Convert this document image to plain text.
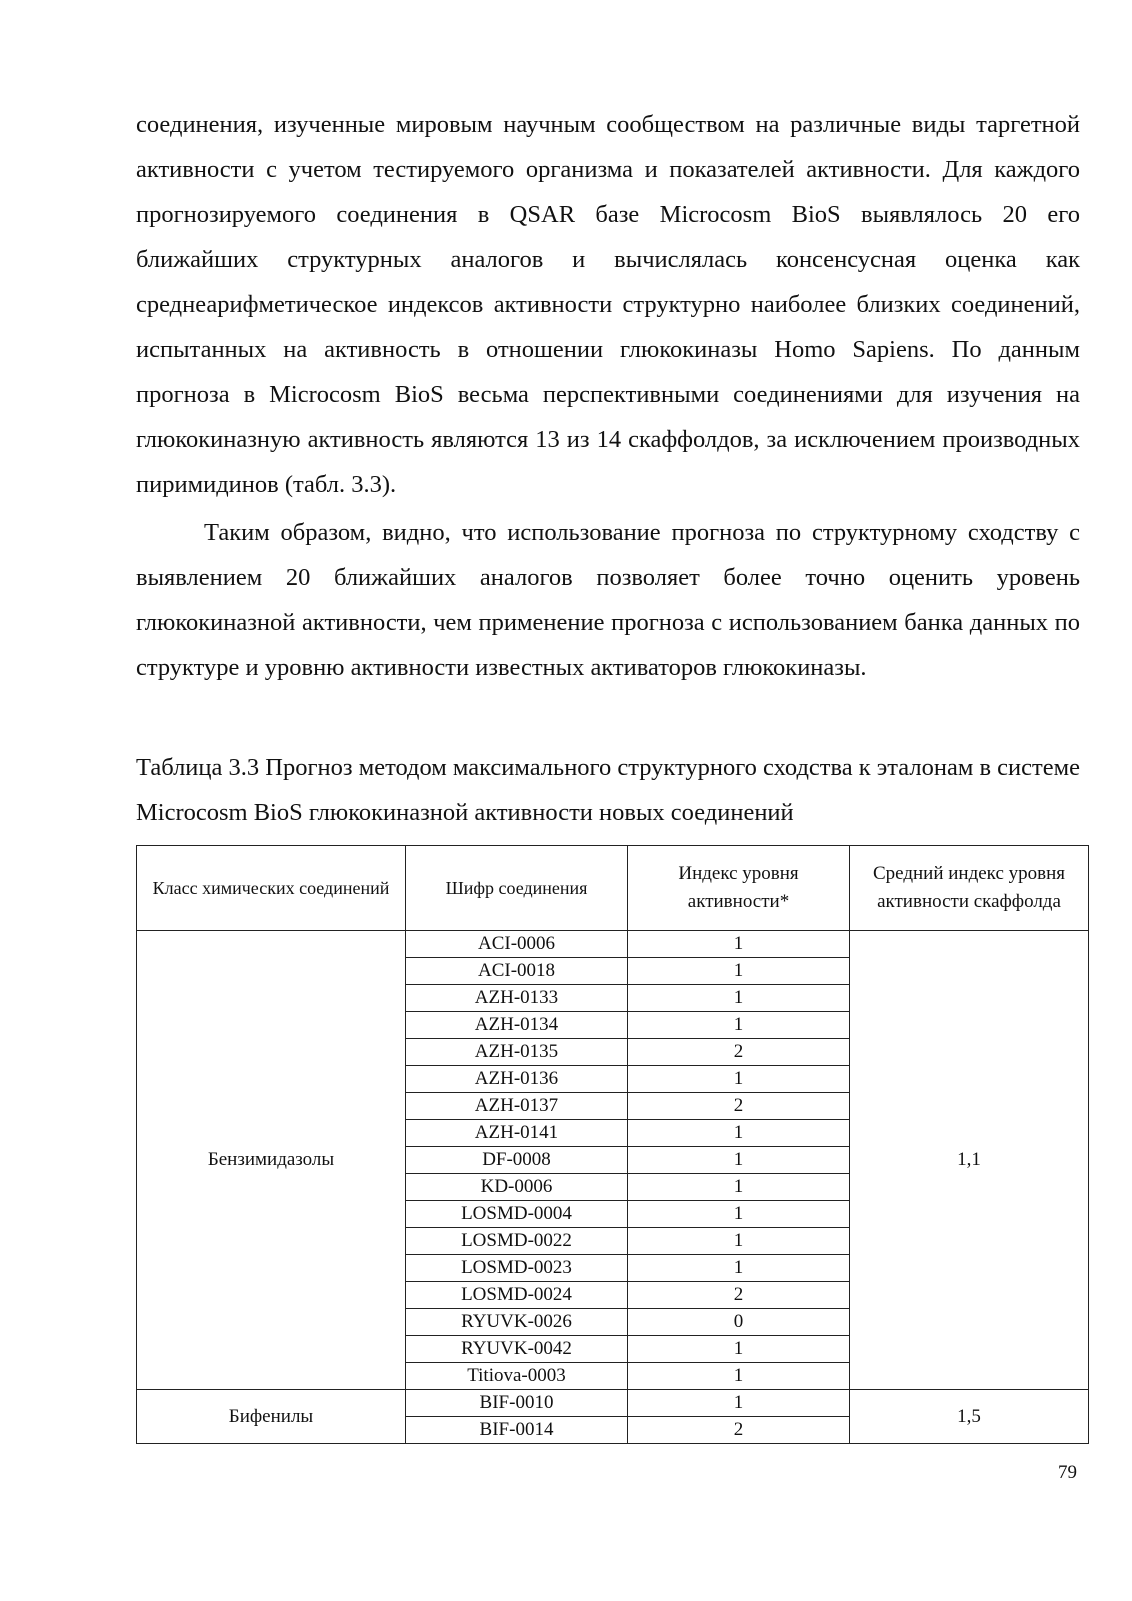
соединения, изученные мировым научным сообществом на различные виды таргетной активности с учетом тестируемого организма и показателей активности. Для каждого прогнозируемого соединения в QSAR базе Microcosm BioS выявлялось 20 его ближайших структурных аналогов и вычислялась консенсусная оценка как среднеарифметическое индексов активности структурно наиболее близких соединений, испытанных на активность в отношении глюкокиназы Homo Sapiens. По данным прогноза в Microcosm BioS весьма перспективными соединениями для изучения на глюкокиназную активность являются 13 из 14 скаффолдов, за исключением производных пиримидинов (табл. 3.3).

Таким образом, видно, что использование прогноза по структурному сходству с выявлением 20 ближайших аналогов позволяет более точно оценить уровень глюкокиназной активности, чем применение прогноза с использованием банка данных по структуре и уровню активности известных активаторов глюкокиназы.

Таблица 3.3 Прогноз методом максимального структурного сходства к эталонам в системе Microcosm BioS глюкокиназной активности новых соединений

Класс химических соединений	Шифр соединения	Индекс уровня активности*	Средний индекс уровня активности скаффолда
Бензимидазолы	ACI-0006	1	1,1
	ACI-0018	1	
	AZH-0133	1	
	AZH-0134	1	
	AZH-0135	2	
	AZH-0136	1	
	AZH-0137	2	
	AZH-0141	1	
	DF-0008	1	
	KD-0006	1	
	LOSMD-0004	1	
	LOSMD-0022	1	
	LOSMD-0023	1	
	LOSMD-0024	2	
	RYUVK-0026	0	
	RYUVK-0042	1	
	Titiova-0003	1	
Бифенилы	BIF-0010	1	1,5
	BIF-0014	2	
79
